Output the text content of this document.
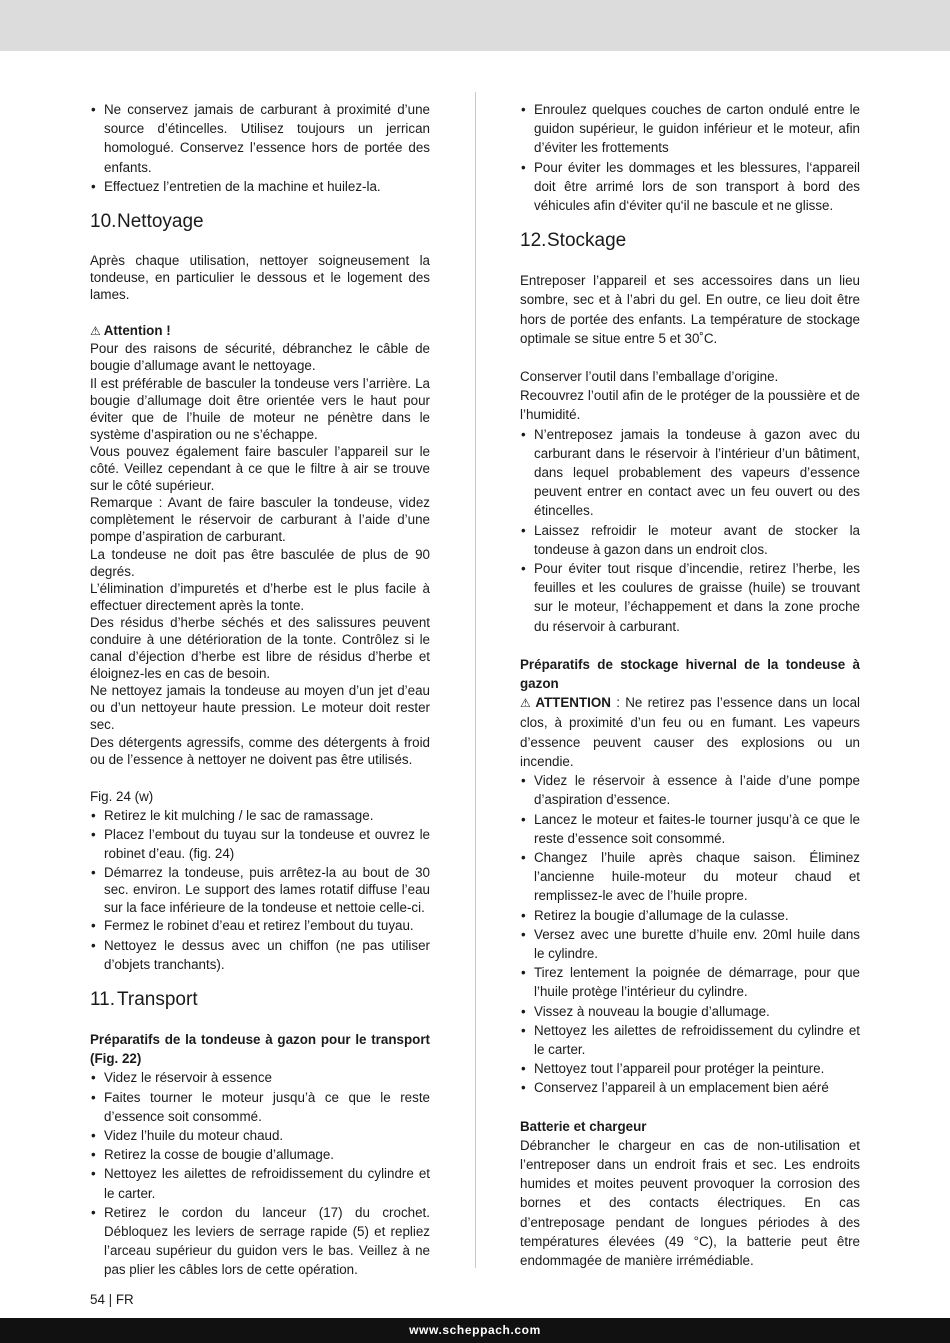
• Ne conservez jamais de carburant à proximité d’une source d’étincelles. Utilisez toujours un jerrican homologué. Conservez l’essence hors de portée des enfants.
• Effectuez l’entretien de la machine et huilez-la.
10.Nettoyage

Après chaque utilisation, nettoyer soigneusement la tondeuse, en particulier le dessous et le logement des lames.

⚠ Attention !

Pour des raisons de sécurité, débranchez le câble de bougie d’allumage avant le nettoyage.

Il est préférable de basculer la tondeuse vers l’arrière. La bougie d’allumage doit être orientée vers le haut pour éviter que de l’huile de moteur ne pénètre dans le système d’aspiration ou ne s’échappe.

Vous pouvez également faire basculer l’appareil sur le côté. Veillez cependant à ce que le filtre à air se trouve sur le côté supérieur.

Remarque : Avant de faire basculer la tondeuse, videz complètement le réservoir de carburant à l’aide d’une pompe d’aspiration de carburant.

La tondeuse ne doit pas être basculée de plus de 90 degrés.

L’élimination d’impuretés et d’herbe est le plus facile à effectuer directement après la tonte.

Des résidus d’herbe séchés et des salissures peuvent conduire à une détérioration de la tonte. Contrôlez si le canal d’éjection d’herbe est libre de résidus d’herbe et éloignez-les en cas de besoin.

Ne nettoyez jamais la tondeuse au moyen d’un jet d’eau ou d’un nettoyeur haute pression. Le moteur doit rester sec.

Des détergents agressifs, comme des détergents à froid ou de l’essence à nettoyer ne doivent pas être utilisés.

Fig. 24 (w)

• Retirez le kit mulching / le sac de ramassage.
• Placez l’embout du tuyau sur la tondeuse et ouvrez le robinet d’eau. (fig. 24)
• Démarrez la tondeuse, puis arrêtez-la au bout de 30 sec. environ. Le support des lames rotatif diffuse l’eau sur la face inférieure de la tondeuse et nettoie celle-ci.
• Fermez le robinet d’eau et retirez l’embout du tuyau.
• Nettoyez le dessus avec un chiffon (ne pas utiliser d’objets tranchants).
11. Transport

Préparatifs de la tondeuse à gazon pour le transport (Fig. 22)

• Videz le réservoir à essence
• Faites tourner le moteur jusqu’à ce que le reste d’essence soit consommé.
• Videz l’huile du moteur chaud.
• Retirez la cosse de bougie d’allumage.
• Nettoyez les ailettes de refroidissement du cylindre et le carter.
• Retirez le cordon du lanceur (17) du crochet. Débloquez les leviers de serrage rapide (5) et repliez l’arceau supérieur du guidon vers le bas. Veillez à ne pas plier les câbles lors de cette opération.
• Enroulez quelques couches de carton ondulé entre le guidon supérieur, le guidon inférieur et le moteur, afin d’éviter les frottements
• Pour éviter les dommages et les blessures, l‘appareil doit être arrimé lors de son transport à bord des véhicules afin d‘éviter qu‘il ne bascule et ne glisse.
12.Stockage

Entreposer l’appareil et ses accessoires dans un lieu sombre, sec et à l’abri du gel. En outre, ce lieu doit être hors de portée des enfants. La température de stockage optimale se situe entre 5 et 30˚C.

Conserver l’outil dans l’emballage d’origine.

Recouvrez l’outil afin de le protéger de la poussière et de l’humidité.

• N’entreposez jamais la tondeuse à gazon avec du carburant dans le réservoir à l’intérieur d’un bâtiment, dans lequel probablement des vapeurs d’essence peuvent entrer en contact avec un feu ouvert ou des étincelles.
• Laissez refroidir le moteur avant de stocker la tondeuse à gazon dans un endroit clos.
• Pour éviter tout risque d’incendie, retirez l’herbe, les feuilles et les coulures de graisse (huile) se trouvant sur le moteur, l’échappement et dans la zone proche du réservoir à carburant.

Préparatifs de stockage hivernal de la tondeuse à gazon

⚠ ATTENTION : Ne retirez pas l’essence dans un local clos, à proximité d’un feu ou en fumant. Les vapeurs d’essence peuvent causer des explosions ou un incendie.

• Videz le réservoir à essence à l’aide d’une pompe d’aspiration d’essence.
• Lancez le moteur et faites-le tourner jusqu’à ce que le reste d’essence soit consommé.
• Changez l’huile après chaque saison. Éliminez l’ancienne huile-moteur du moteur chaud et remplissez-le avec de l’huile propre.
• Retirez la bougie d’allumage de la culasse.
• Versez avec une burette d’huile env. 20ml huile dans le cylindre.
• Tirez lentement la poignée de démarrage, pour que l’huile protège l’intérieur du cylindre.
• Vissez à nouveau la bougie d’allumage.
• Nettoyez les ailettes de refroidissement du cylindre et le carter.
• Nettoyez tout l’appareil pour protéger la peinture.
• Conservez l’appareil à un emplacement bien aéré

Batterie et chargeur

Débrancher le chargeur en cas de non-utilisation et l’entreposer dans un endroit frais et sec. Les endroits humides et moites peuvent provoquer la corrosion des bornes et des contacts électriques. En cas d’entreposage pendant de longues périodes à des températures élevées (49 °C), la batterie peut être endommagée de manière irrémédiable.

54 | FR
www.scheppach.com
